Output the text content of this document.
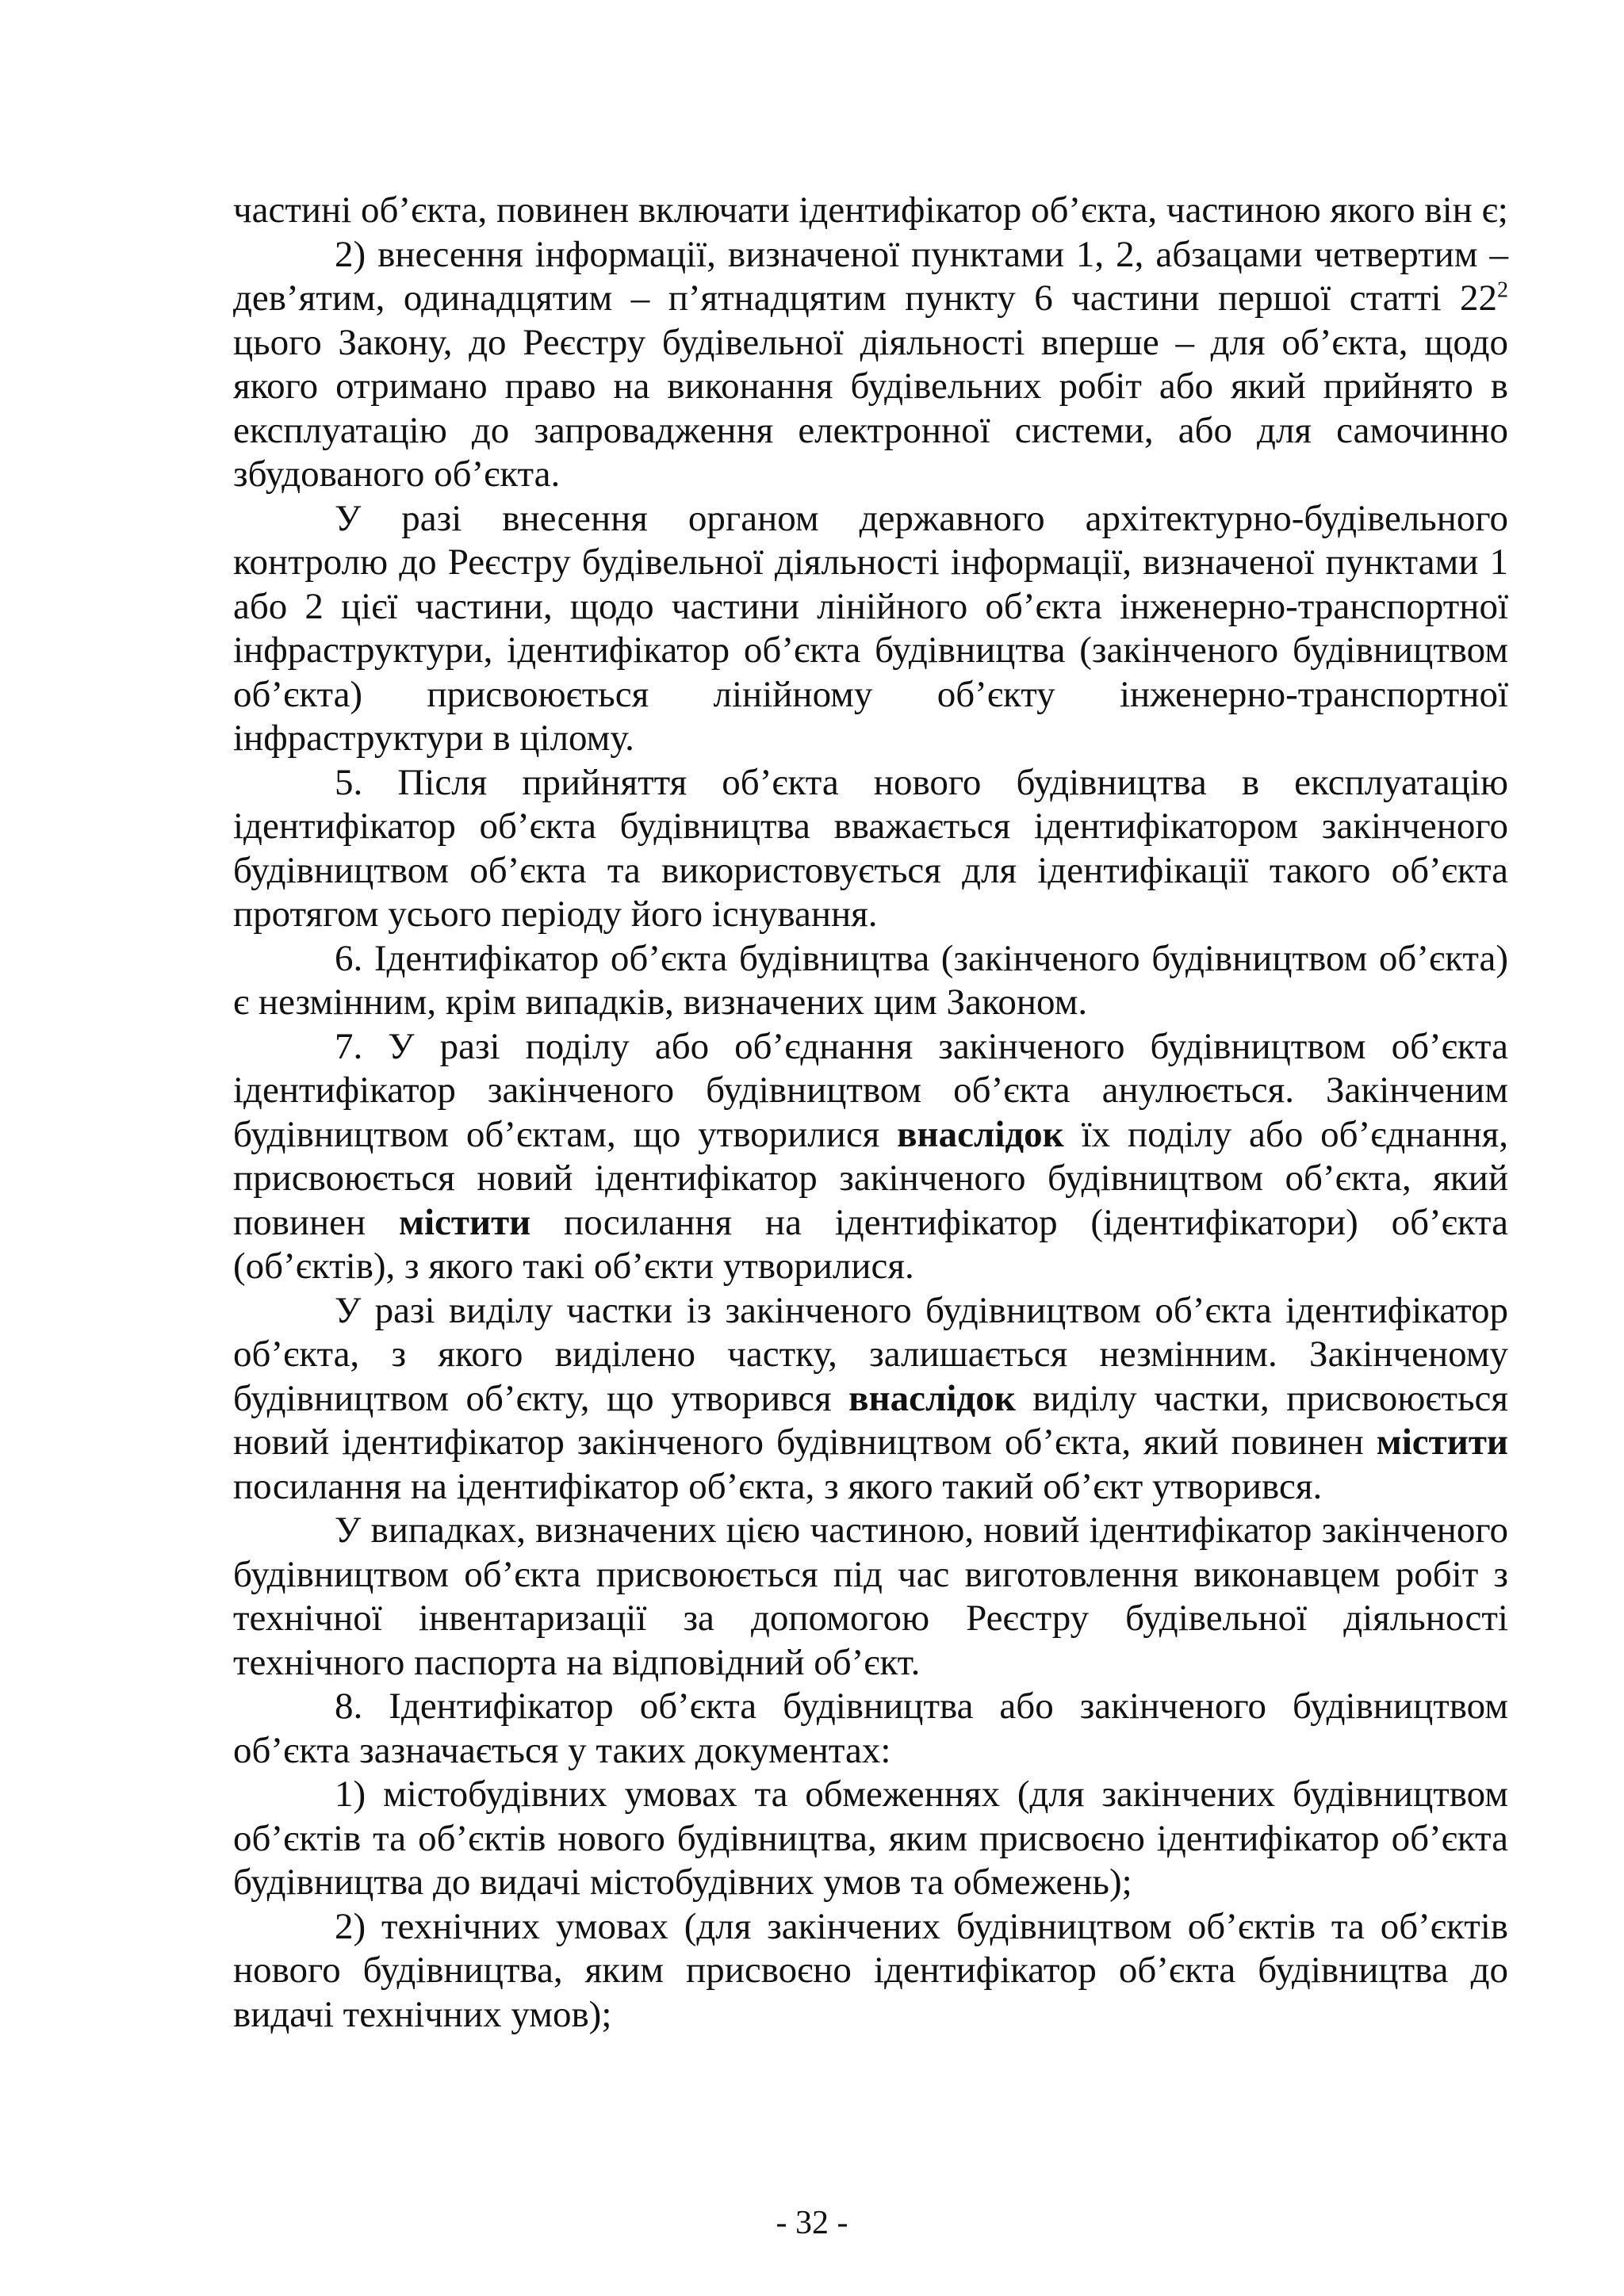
частині об’єкта, повинен включати ідентифікатор об’єкта, частиною якого він є;

2) внесення інформації, визначеної пунктами 1, 2, абзацами четвертим – дев’ятим, одинадцятим – п’ятнадцятим пункту 6 частини першої статті $22^2$ цього Закону, до Реєстру будівельної діяльності вперше – для об’єкта, щодо якого отримано право на виконання будівельних робіт або який прийнято в експлуатацію до запровадження електронної системи, або для самочинно збудованого об’єкта.

У разі внесення органом державного архітектурно-будівельного контролю до Реєстру будівельної діяльності інформації, визначеної пунктами 1 або 2 цієї частини, щодо частини лінійного об’єкта інженерно-транспортної інфраструктури, ідентифікатор об’єкта будівництва (закінченого будівництвом об’єкта) присвоюється лінійному об’єкту інженерно-транспортної інфраструктури в цілому.

5. Після прийняття об’єкта нового будівництва в експлуатацію ідентифікатор об’єкта будівництва вважається ідентифікатором закінченого будівництвом об’єкта та використовується для ідентифікації такого об’єкта протягом усього періоду його існування.

6. Ідентифікатор об’єкта будівництва (закінченого будівництвом об’єкта) є незмінним, крім випадків, визначених цим Законом.

7. У разі поділу або об’єднання закінченого будівництвом об’єкта ідентифікатор закінченого будівництвом об’єкта анулюється. Закінченим будівництвом об’єктам, що утворилися внаслідок їх поділу або об’єднання, присвоюється новий ідентифікатор закінченого будівництвом об’єкта, який повинен містити посилання на ідентифікатор (ідентифікатори) об’єкта (об’єктів), з якого такі об’єкти утворилися.

У разі виділу частки із закінченого будівництвом об’єкта ідентифікатор об’єкта, з якого виділено частку, залишається незмінним. Закінченому будівництвом об’єкту, що утворився внаслідок виділу частки, присвоюється новий ідентифікатор закінченого будівництвом об’єкта, який повинен містити посилання на ідентифікатор об’єкта, з якого такий об’єкт утворився.

У випадках, визначених цією частиною, новий ідентифікатор закінченого будівництвом об’єкта присвоюється під час виготовлення виконавцем робіт з технічної інвентаризації за допомогою Реєстру будівельної діяльності технічного паспорта на відповідний об’єкт.

8. Ідентифікатор об’єкта будівництва або закінченого будівництвом об’єкта зазначається у таких документах:

1) містобудівних умовах та обмеженнях (для закінчених будівництвом об’єктів та об’єктів нового будівництва, яким присвоєно ідентифікатор об’єкта будівництва до видачі містобудівних умов та обмежень);

2) технічних умовах (для закінчених будівництвом об’єктів та об’єктів нового будівництва, яким присвоєно ідентифікатор об’єкта будівництва до видачі технічних умов);

- 32 -
